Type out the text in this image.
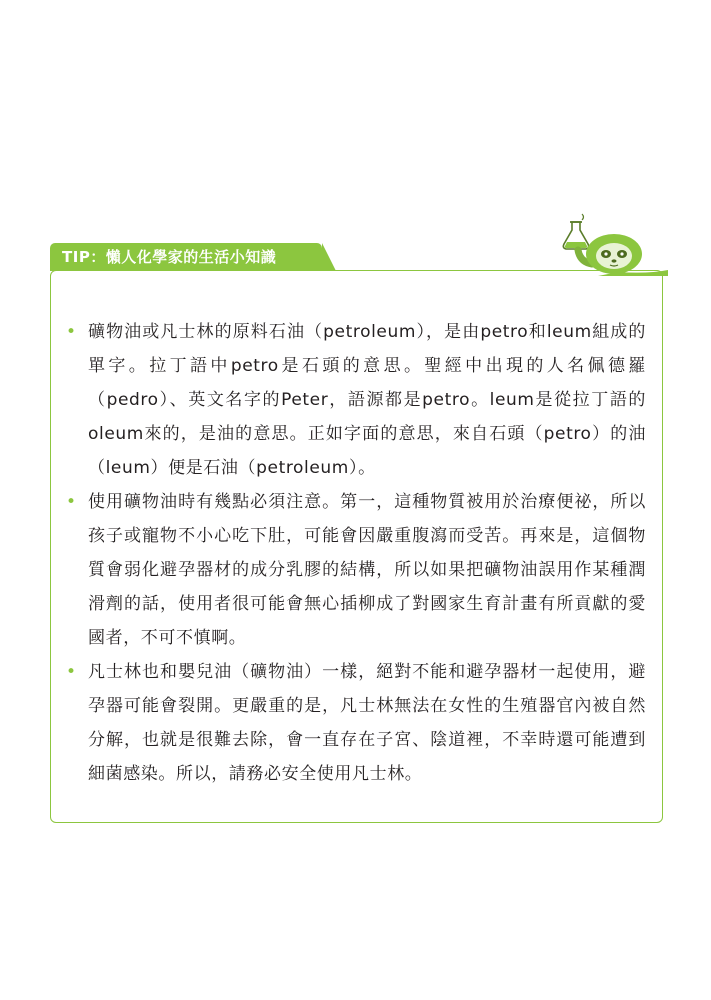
TIP：懶人化學家的生活小知識
• 礦物油或凡士林的原料石油（petroleum），是由petro和leum組成的單字。拉丁語中petro是石頭的意思。聖經中出現的人名佩德羅（pedro）、英文名字的Peter，語源都是petro。leum是從拉丁語的oleum來的，是油的意思。正如字面的意思，來自石頭（petro）的油（leum）便是石油（petroleum）。
• 使用礦物油時有幾點必須注意。第一，這種物質被用於治療便祕，所以孩子或寵物不小心吃下肚，可能會因嚴重腹瀉而受苦。再來是，這個物質會弱化避孕器材的成分乳膠的結構，所以如果把礦物油誤用作某種潤滑劑的話，使用者很可能會無心插柳成了對國家生育計畫有所貢獻的愛國者，不可不慎啊。
• 凡士林也和嬰兒油（礦物油）一樣，絕對不能和避孕器材一起使用，避孕器可能會裂開。更嚴重的是，凡士林無法在女性的生殖器官內被自然分解，也就是很難去除，會一直存在子宮、陰道裡，不幸時還可能遭到細菌感染。所以，請務必安全使用凡士林。
